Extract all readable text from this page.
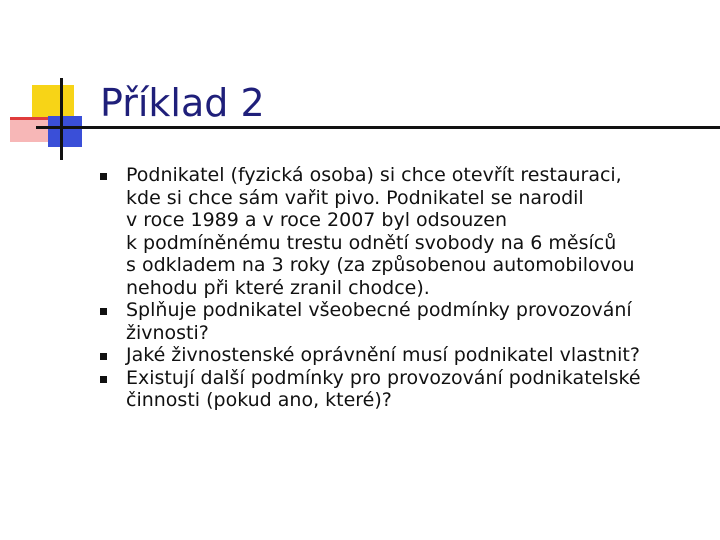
Příklad 2
Podnikatel (fyzická osoba) si chce otevřít restauraci,
kde si chce sám vařit pivo. Podnikatel se narodil
v roce 1989 a v roce 2007 byl odsouzen
k podmíněnému trestu odnětí svobody na 6 měsíců
s odkladem na 3 roky (za způsobenou automobilovou
nehodu při které zranil chodce).
Splňuje podnikatel všeobecné podmínky provozování
živnosti?
Jaké živnostenské oprávnění musí podnikatel vlastnit?
Existují další podmínky pro provozování podnikatelské
činnosti (pokud ano, které)?
